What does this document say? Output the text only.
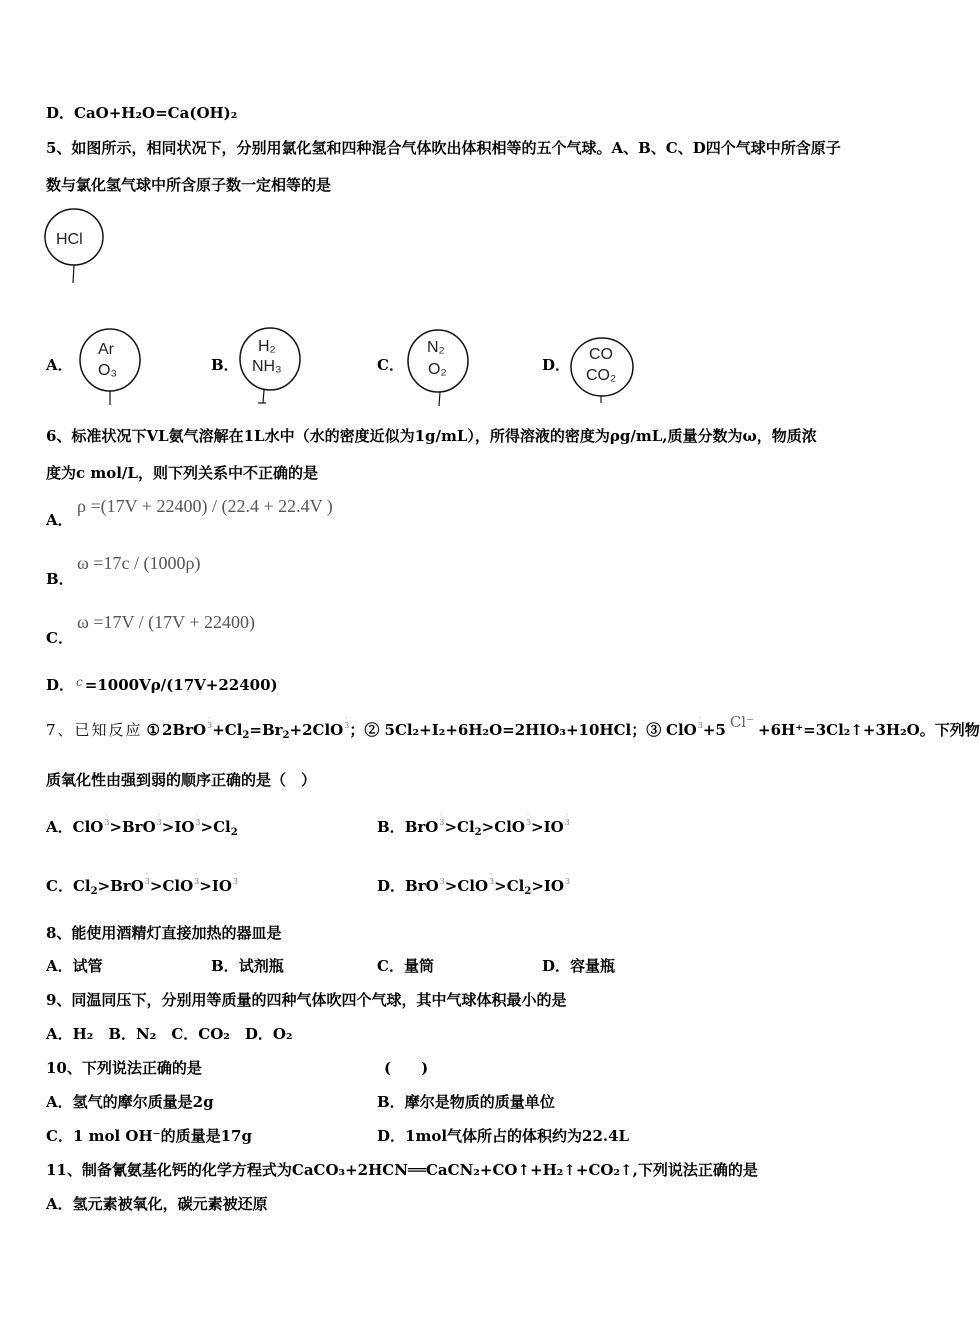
D．CaO+H₂O=Ca(OH)₂
5、如图所示，相同状况下，分别用氯化氢和四种混合气体吹出体积相等的五个气球。A、B、C、D四个气球中所含原子
数与氯化氢气球中所含原子数一定相等的是
HCl
A．
Ar
O₃	B．
H₂
NH₃	C．
N₂
O₂	D．
CO
CO₂
6、标准状况下VL氨气溶解在1L水中（水的密度近似为1g/mL），所得溶液的密度为ρg/mL,质量分数为ω，物质浓
度为c mol/L，则下列关系中不正确的是
A．
ρ =(17V + 22400) / (22.4 + 22.4V )
B．
ω =17c / (1000ρ)
C．
ω =17V / (17V + 22400)
D． $^c$ =1000Vρ/(17V+22400)
7、已知反应 ① 2BrO$^3$
-
$+Cl_2=Br_2+2ClO^3$
-
；② 5Cl₂+I₂+6H₂O=2HIO₃+10HCl；③ ClO$^3$
-
+5 Cl⁻ +6H⁺=3Cl₂↑+3H₂O。下列物
质氧化性由强到弱的顺序正确的是（　）
A．ClO$^3$
-
>BrO$^3$
-
$>IO^3$
-
$>Cl_2$	B．BrO$^3$
-
$>Cl_2>ClO^3$
-
$>IO^3$
-
C．$Cl_2>BrO^3$
-
>ClO$^3$
-
$>IO^3$
-
D．BrO$^3$
-
>ClO$^3$
-
$>Cl_2>IO^3$
-
8、能使用酒精灯直接加热的器皿是
A．试管	B．试剂瓶	C．量筒	D．容量瓶
9、同温同压下，分别用等质量的四种气体吹四个气球，其中气球体积最小的是
A．H₂　B．N₂　C．CO₂　D．O₂
10、下列说法正确的是	(　　)
A．氢气的摩尔质量是2g	B．摩尔是物质的质量单位
C．1 mol OH⁻的质量是17g	D．1mol气体所占的体积约为22.4L
11、制备氰氨基化钙的化学方程式为CaCO₃+2HCN══CaCN₂+CO↑+H₂↑+CO₂↑,下列说法正确的是
A．氢元素被氧化，碳元素被还原
